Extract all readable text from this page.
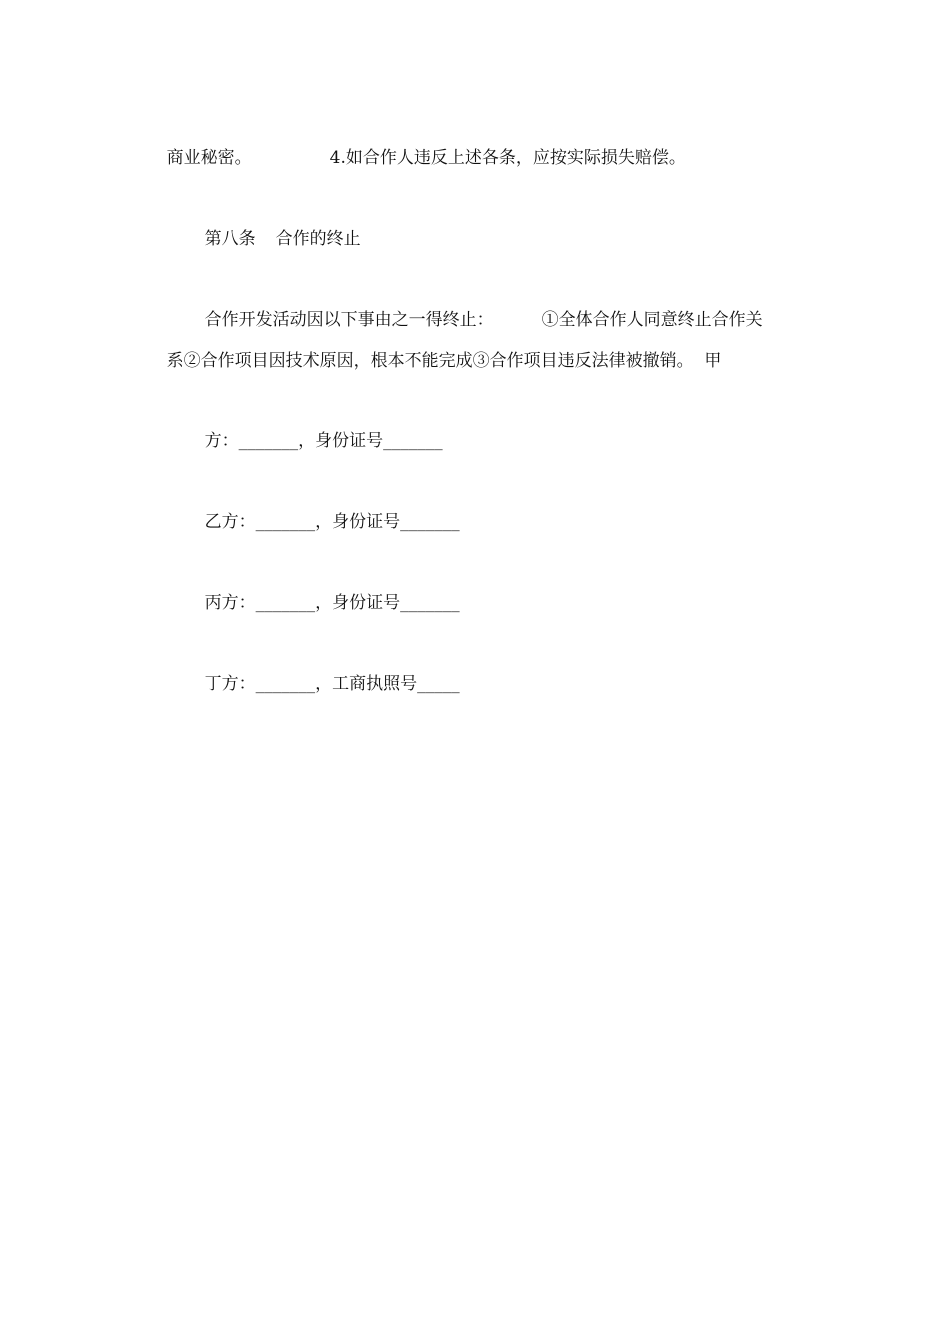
商业秘密。	4.如合作人违反上述各条，应按实际损失赔偿。

第八条 合作的终止

合作开发活动因以下事由之一得终止：	①全体合作人同意终止合作关

系②合作项目因技术原因，根本不能完成③合作项目违反法律被撤销。  甲

方：_______，身份证号_______

乙方：_______，身份证号_______

丙方：_______，身份证号_______

丁方：_______，工商执照号_____
